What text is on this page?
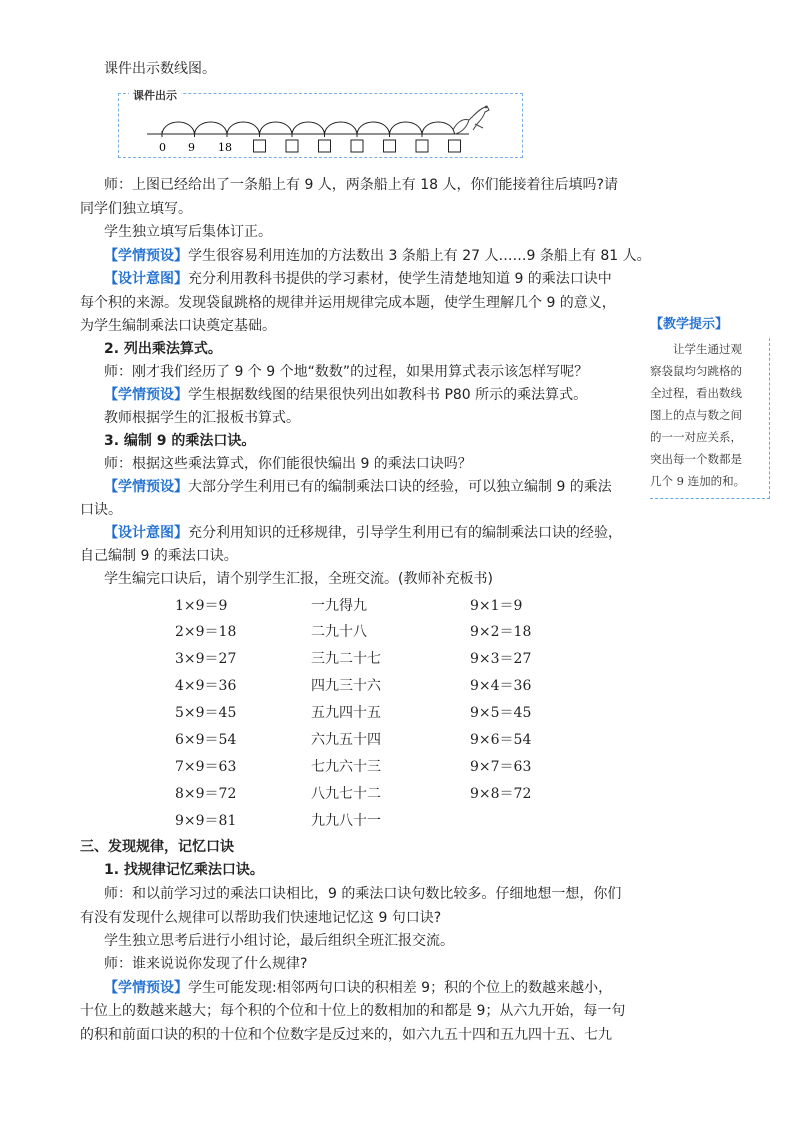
课件出示数线图。
课件出示
0 9 18
师：上图已经给出了一条船上有 9 人，两条船上有 18 人，你们能接着往后填吗?请
同学们独立填写。
学生独立填写后集体订正。
【学情预设】学生很容易利用连加的方法数出 3 条船上有 27 人……9 条船上有 81 人。
【设计意图】充分利用教科书提供的学习素材，使学生清楚地知道 9 的乘法口诀中
每个积的来源。发现袋鼠跳格的规律并运用规律完成本题，使学生理解几个 9 的意义，
为学生编制乘法口诀奠定基础。
2. 列出乘法算式。
师：刚才我们经历了 9 个 9 个地“数数”的过程，如果用算式表示该怎样写呢？
【学情预设】学生根据数线图的结果很快列出如教科书 P80 所示的乘法算式。
教师根据学生的汇报板书算式。
3. 编制 9 的乘法口诀。
师：根据这些乘法算式，你们能很快编出 9 的乘法口诀吗？
【学情预设】大部分学生利用已有的编制乘法口诀的经验，可以独立编制 9 的乘法
口诀。
【设计意图】充分利用知识的迁移规律，引导学生利用已有的编制乘法口诀的经验，
自己编制 9 的乘法口诀。
学生编完口诀后，请个别学生汇报，全班交流。(教师补充板书)
1×9＝9
2×9＝18
3×9＝27
4×9＝36
5×9＝45
6×9＝54
7×9＝63
8×9＝72
9×9＝81
一九得九
二九十八
三九二十七
四九三十六
五九四十五
六九五十四
七九六十三
八九七十二
九九八十一
9×1＝9
9×2＝18
9×3＝27
9×4＝36
9×5＝45
9×6＝54
9×7＝63
9×8＝72
三、发现规律，记忆口诀
1. 找规律记忆乘法口诀。
师：和以前学习过的乘法口诀相比，9 的乘法口诀句数比较多。仔细地想一想，你们
有没有发现什么规律可以帮助我们快速地记忆这 9 句口诀?
学生独立思考后进行小组讨论，最后组织全班汇报交流。
师：谁来说说你发现了什么规律?
【学情预设】学生可能发现:相邻两句口诀的积相差 9；积的个位上的数越来越小，
十位上的数越来越大；每个积的个位和十位上的数相加的和都是 9；从六九开始，每一句
的积和前面口诀的积的十位和个位数字是反过来的，如六九五十四和五九四十五、七九
【教学提示】
　　让学生通过观
察袋鼠均匀跳格的
全过程，看出数线
图上的点与数之间
的一一对应关系，
突出每一个数都是
几个 9 连加的和。
